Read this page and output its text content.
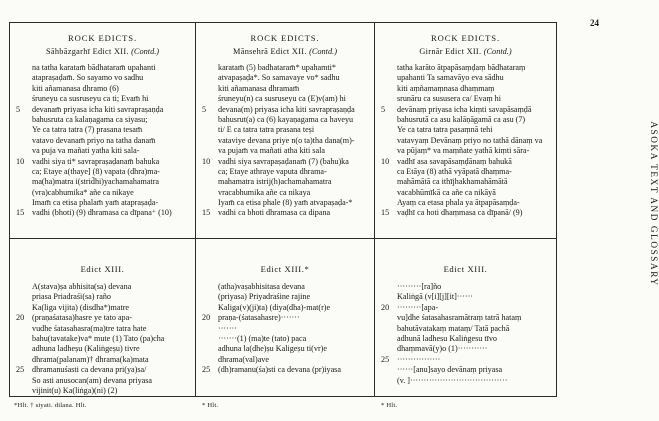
ROCK EDICTS.
Sāhbāzgarhī Edict XII. (Contd.)
na tatha karatam̄ bādhataram̄ upahanti
atapraṣaḍam̄. So sayamo vo sadhu
kiti añamanasa dhramo (6)
śruneyu ca susruseyu ca ti; Evam̄ hi
5 devanam̄ priyasa icha kiti savrapraṣaṇḍa
bahusruta ca kalaṇagama ca siyasu;
Ye ca tatra tatra (7) prasana tesam̄
vatavo devanam̄ priyo na tatha danam̄
va puja va mañati yatha kiti sala-
10 vadhi siya ti* savrapraṣaḍanam̄ bahuka
ca; Etaye a(thaye] (8) vapata (dhra)ma-
ma(ha)matra i(strid̄hi)yachamahamatra
(vra)cabhumika* añe ca nikaye
Imam̄ ca etisa phalam̄ yam̄ atapraṣaḍa-
15 vadhi (bhoti) (9) dhramasa ca dīpana⁺ (10)
Edict XIII.
A(stava)ṣa abhisita(sa) devana
priasa Priadraśi(sa) raño
Ka(liga vijita) (disdha*)matre
20 (praṇaśatasa)hasre ye tato apa-
vudhe śatasahasra(ma)tre tatra hate
bahu(tavatake)va* mute (1) Tato (pa)cha
adhuna ladheṣu (Kaliṅgeṣu) tivre
dhrama(palanam)† dhrama(ka)mata
25 dhramanuśasti ca devana pri(ya)sa/
So asti anusocan(am) devana priyasa
vijinit(u) Ka(liṅga)(ni) (2)
*Hlt. † siyati. dilana. Hlt.
ROCK EDICTS.
Mānsehrā Edict XII. (Contd.)
karatam̄ (5) badhataram̄* upahamti*
atvapaṣaḍa*. So samavaye vo* sadhu
kiti añamanasa dhramam̄
śruneyu(n) ca susruseyu ca (E)v(am) hi
5 devana(m) priyasa icha kiti savrapraṣaṇḍa
bahusrut(a) ca (6) kayaṇagama ca haveyu
ti/ E ca tatra tatra prasana teṣi
vataviye devana priye n(o ta)tha dana(m)-
va pujam̄ va mañati atha kiti sala
10 vadhi siya savrapaṣaḍanam̄ (7) (bahu)ka
ca; Etaye athraye vaputa dhrama-
mahamatra istrij(h)achamahamatra
vracabhumika añe ca nikaya
Iyam̄ ca etisa phale (8) yam̄ atvapaṣaḍa-*
15 vadhi ca bhoti dhramasa ca dipana
Edict XIII.*
(atha)vaṣabhisitasa devana
(priyasa) Priyadraśine rajine
Kaliga(v)(ji)ta) (diya(dha)-mat(r)e
20 praṇa-(śatasahasre)·······
·······
·······(1) (ma)te (tato) paca
adhuna la(dhe)ṣu Kaligeṣu ti(vr)e
dhrama(val)ave
25 (dh)ramanu(śa)sti ca devana (pr)iyasa
* Hlt.
ROCK EDICTS.
Girnār Edict XII. (Contd.)
tatha karāto ātpapāsaṃḍaṃ bādhataraṃ
upahanti Ta samavāyo eva sādhu
kiti aṃñamaṃnasa dhaṃmaṃ
srunāru ca sususera ca/ Evaṃ hi
5 devānaṃ priyasa icha kiṃti savapāsaṃḍā
bahusrutā ca asu kalāṇāgamā ca asu (7)
Ye ca tatra tatra pasaṃnā tehi
vatavyaṃ Devānaṃ priyo no tathā dānaṃ va
va pūjaṃ* va maṃñate yathā kiṃti sāra-
10 vadhī asa savapāsaṃḍānaṃ bahukā
ca Etāya (8) athā vyāpatā dhaṃma-
mahāmātā ca ithījhakhamahāmātā
vacabhūmīkā ca añe ca nikāyā
Ayaṃ ca etasa phala ya ātpapāsaṃḍa-
15 vaḍhī ca hoti dhaṃmasa ca dīpanā/ (9)
Edict XIII.
·········[ra]ño
Kaliṅgā (v[i][j][it]······
20 ·········[apa-
vu]dhe śatasahasramātraṃ tatrā hataṃ
bahutāvatakaṃ mataṃ/ Tatā pachā
adhunā ladhesu Kaliṅgesu tīvo
dhaṃmavā(y)o (1)···········
25 ················
······[anu]sayo devānaṃ priyasa
(v. ]····································
* Hlt.
24
ASOKA TEXT AND GLOSSARY
